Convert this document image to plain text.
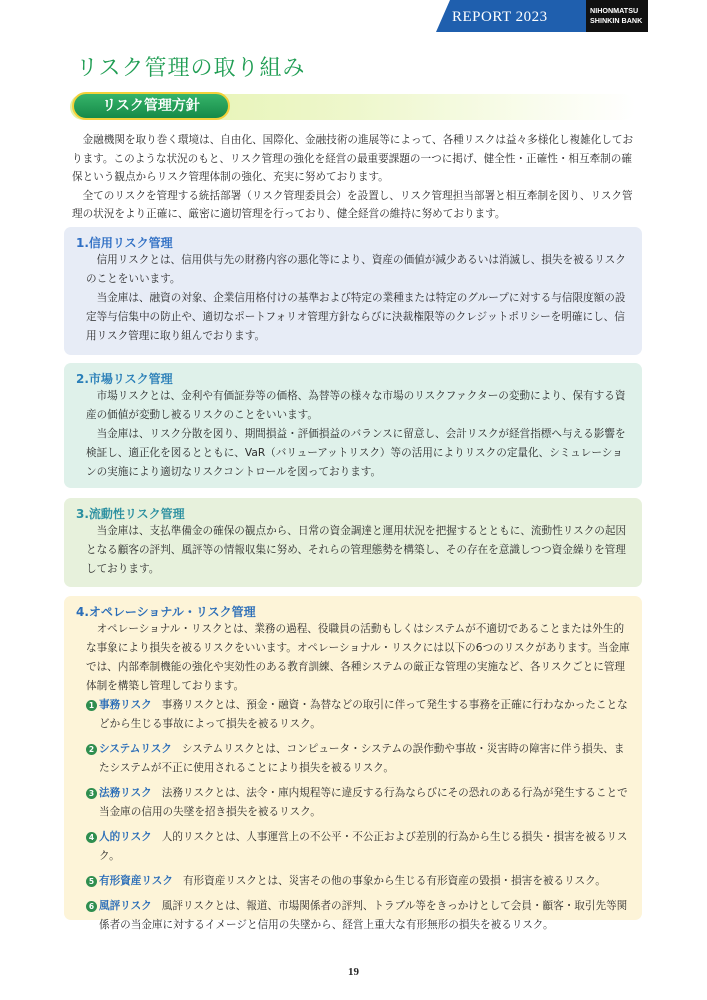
REPORT 2023	NIHONMATSU
SHINKIN BANK
リスク管理の取り組み
リスク管理方針

金融機関を取り巻く環境は、自由化、国際化、金融技術の進展等によって、各種リスクは益々多様化し複雑化しております。このような状況のもと、リスク管理の強化を経営の最重要課題の一つに掲げ、健全性・正確性・相互牽制の確保という観点からリスク管理体制の強化、充実に努めております。

全てのリスクを管理する統括部署（リスク管理委員会）を設置し、リスク管理担当部署と相互牽制を図り、リスク管理の状況をより正確に、厳密に適切管理を行っており、健全経営の維持に努めております。

1.信用リスク管理

信用リスクとは、信用供与先の財務内容の悪化等により、資産の価値が減少あるいは消滅し、損失を被るリスクのことをいいます。

当金庫は、融資の対象、企業信用格付けの基準および特定の業種または特定のグループに対する与信限度額の設定等与信集中の防止や、適切なポートフォリオ管理方針ならびに決裁権限等のクレジットポリシーを明確にし、信用リスク管理に取り組んでおります。

2.市場リスク管理

市場リスクとは、金利や有価証券等の価格、為替等の様々な市場のリスクファクターの変動により、保有する資産の価値が変動し被るリスクのことをいいます。

当金庫は、リスク分散を図り、期間損益・評価損益のバランスに留意し、会計リスクが経営指標へ与える影響を検証し、適正化を図るとともに、VaR（バリューアットリスク）等の活用によりリスクの定量化、シミュレーションの実施により適切なリスクコントロールを図っております。

3.流動性リスク管理

当金庫は、支払準備金の確保の観点から、日常の資金調達と運用状況を把握するとともに、流動性リスクの起因となる顧客の評判、風評等の情報収集に努め、それらの管理態勢を構築し、その存在を意識しつつ資金繰りを管理しております。

4.オペレーショナル・リスク管理

オペレーショナル・リスクとは、業務の過程、役職員の活動もしくはシステムが不適切であることまたは外生的な事象により損失を被るリスクをいいます。オペレーショナル・リスクには以下の6つのリスクがあります。当金庫では、内部牽制機能の強化や実効性のある教育訓練、各種システムの厳正な管理の実施など、各リスクごとに管理体制を構築し管理しております。

1 事務リスク 事務リスクとは、預金・融資・為替などの取引に伴って発生する事務を正確に行わなかったことなどから生じる事故によって損失を被るリスク。
2 システムリスク システムリスクとは、コンピュータ・システムの誤作動や事故・災害時の障害に伴う損失、またシステムが不正に使用されることにより損失を被るリスク。
3 法務リスク 法務リスクとは、法令・庫内規程等に違反する行為ならびにその恐れのある行為が発生することで当金庫の信用の失墜を招き損失を被るリスク。
4 人的リスク 人的リスクとは、人事運営上の不公平・不公正および差別的行為から生じる損失・損害を被るリスク。
5 有形資産リスク 有形資産リスクとは、災害その他の事象から生じる有形資産の毀損・損害を被るリスク。
6 風評リスク 風評リスクとは、報道、市場関係者の評判、トラブル等をきっかけとして会員・顧客・取引先等関係者の当金庫に対するイメージと信用の失墜から、経営上重大な有形無形の損失を被るリスク。

19
